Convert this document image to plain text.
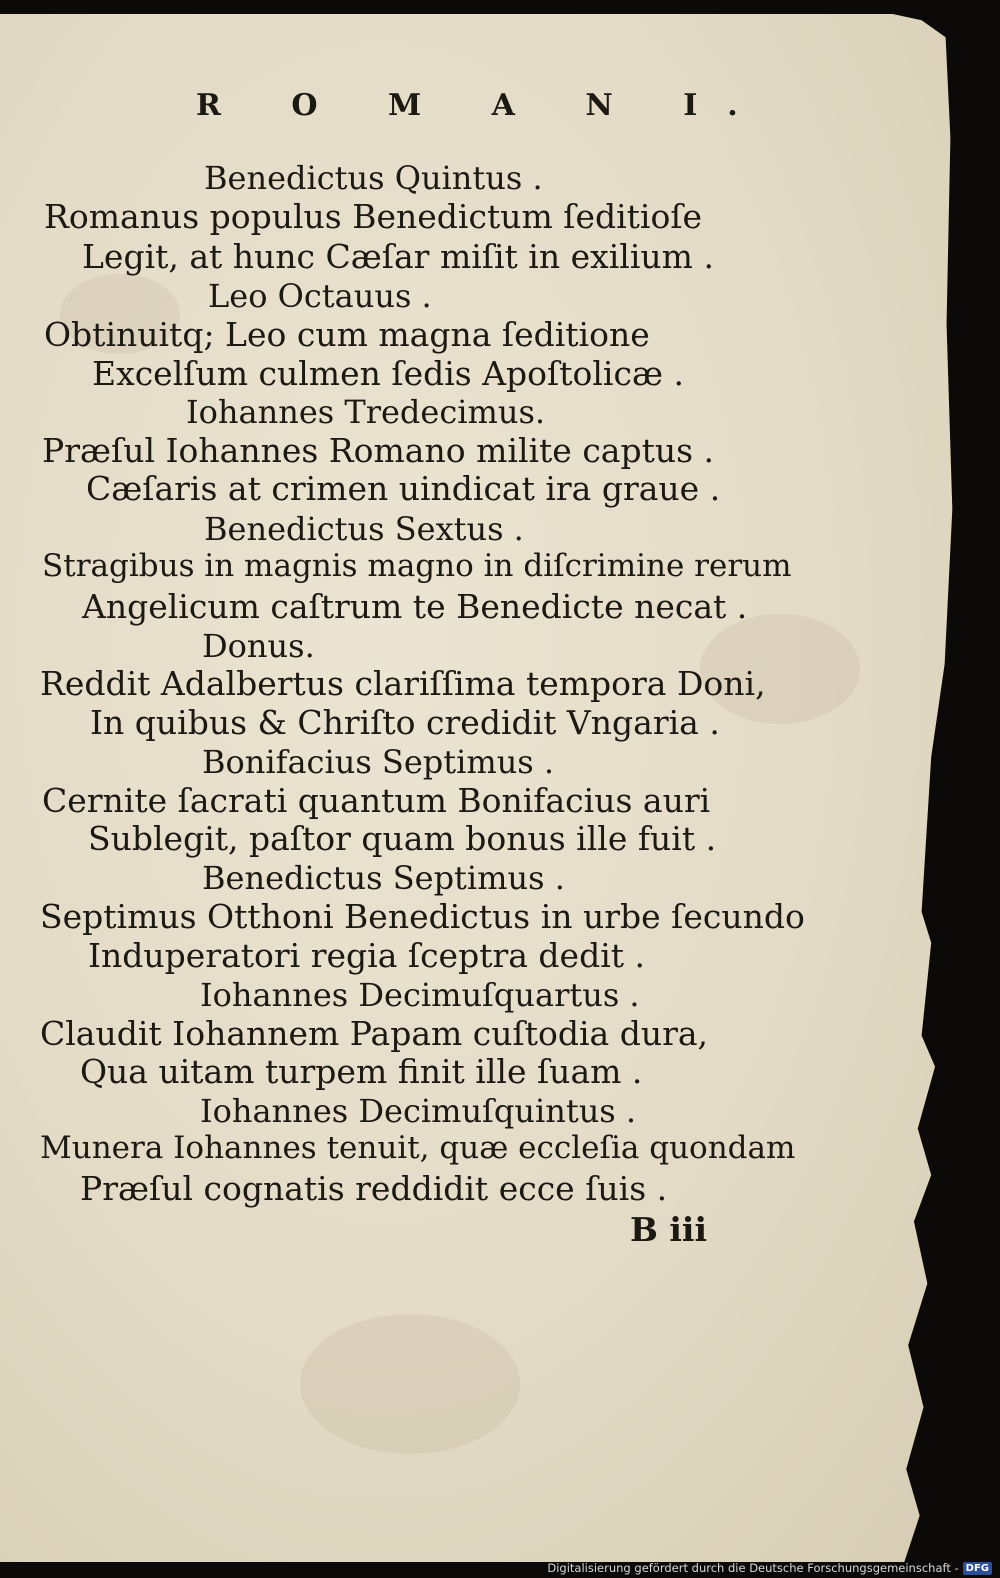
R O M A N I.
Benedictus Quintus .
Romanus populus Benedictum ſeditioſe
Legit, at hunc Cæſar miſit in exilium .
Leo Octauus .
Obtinuitq; Leo cum magna ſeditione
Excelſum culmen ſedis Apoſtolicæ .
Iohannes Tredecimus.
Præſul Iohannes Romano milite captus .
Cæſaris at crimen uindicat ira graue .
Benedictus Sextus .
Stragibus in magnis magno in diſcrimine rerum
Angelicum caſtrum te Benedicte necat .
Donus.
Reddit Adalbertus clariſſima tempora Doni,
In quibus & Chriſto credidit Vngaria .
Bonifacius Septimus .
Cernite ſacrati quantum Bonifacius auri
Sublegit, paſtor quam bonus ille fuit .
Benedictus Septimus .
Septimus Otthoni Benedictus in urbe ſecundo
Induperatori regia ſceptra dedit .
Iohannes Decimuſquartus .
Claudit Iohannem Papam cuſtodia dura,
Qua uitam turpem finit ille ſuam .
Iohannes Decimuſquintus .
Munera Iohannes tenuit, quæ eccleſia quondam
Præſul cognatis reddidit ecce ſuis .
B iii
Digitalisierung gefördert durch die Deutsche Forschungsgemeinschaft - DFG
